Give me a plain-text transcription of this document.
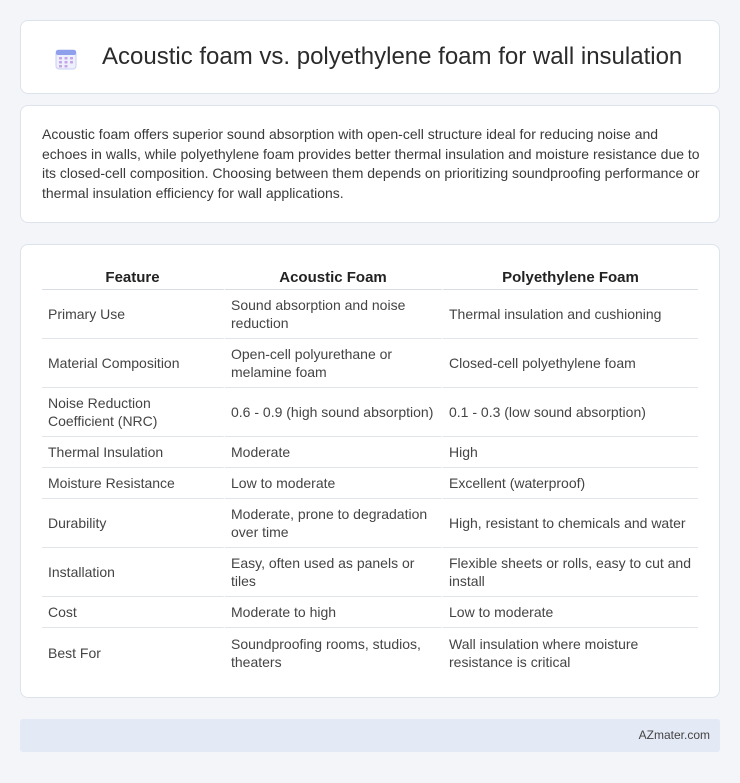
Acoustic foam vs. polyethylene foam for wall insulation

Acoustic foam offers superior sound absorption with open-cell structure ideal for reducing noise and echoes in walls, while polyethylene foam provides better thermal insulation and moisture resistance due to its closed-cell composition. Choosing between them depends on prioritizing soundproofing performance or thermal insulation efficiency for wall applications.

Feature	Acoustic Foam	Polyethylene Foam
Primary Use	Sound absorption and noise reduction	Thermal insulation and cushioning
Material Composition	Open-cell polyurethane or melamine foam	Closed-cell polyethylene foam
Noise Reduction Coefficient (NRC)	0.6 - 0.9 (high sound absorption)	0.1 - 0.3 (low sound absorption)
Thermal Insulation	Moderate	High
Moisture Resistance	Low to moderate	Excellent (waterproof)
Durability	Moderate, prone to degradation over time	High, resistant to chemicals and water
Installation	Easy, often used as panels or tiles	Flexible sheets or rolls, easy to cut and install
Cost	Moderate to high	Low to moderate
Best For	Soundproofing rooms, studios, theaters	Wall insulation where moisture resistance is critical
AZmater.com
